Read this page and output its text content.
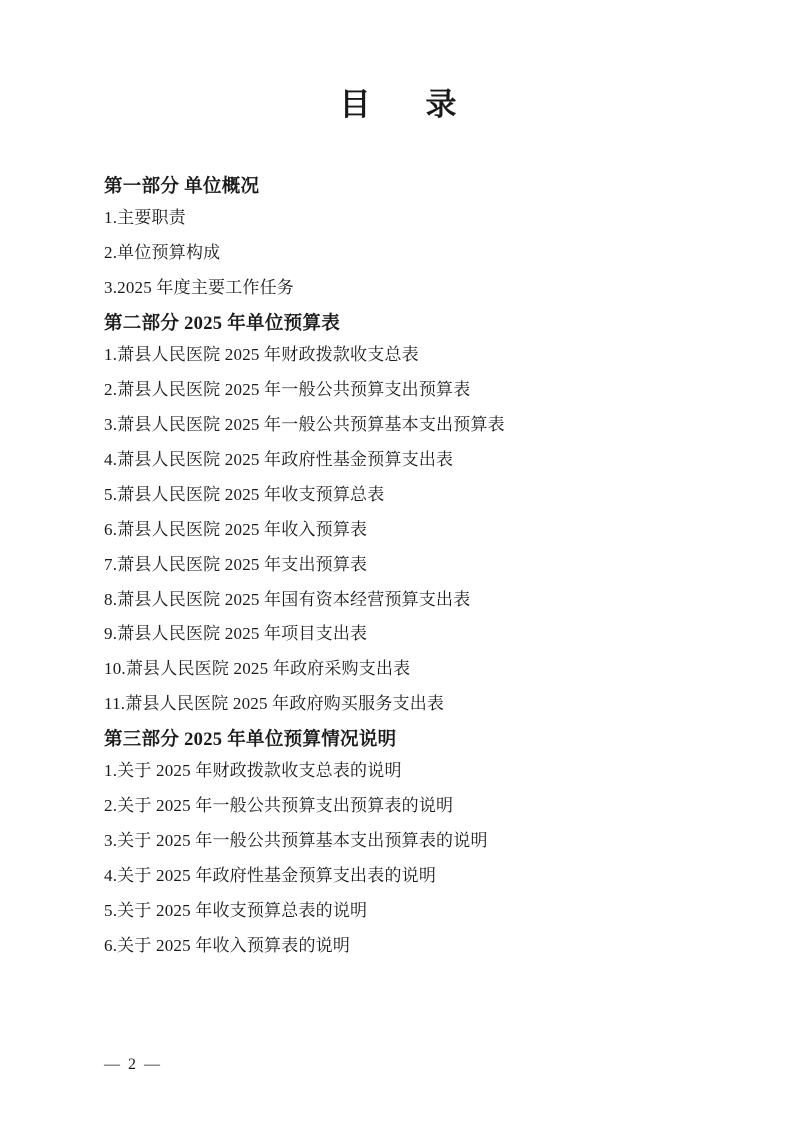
目　录
第一部分 单位概况
1.主要职责
2.单位预算构成
3.2025 年度主要工作任务
第二部分 2025 年单位预算表
1.萧县人民医院 2025 年财政拨款收支总表
2.萧县人民医院 2025 年一般公共预算支出预算表
3.萧县人民医院 2025 年一般公共预算基本支出预算表
4.萧县人民医院 2025 年政府性基金预算支出表
5.萧县人民医院 2025 年收支预算总表
6.萧县人民医院 2025 年收入预算表
7.萧县人民医院 2025 年支出预算表
8.萧县人民医院 2025 年国有资本经营预算支出表
9.萧县人民医院 2025 年项目支出表
10.萧县人民医院 2025 年政府采购支出表
11.萧县人民医院 2025 年政府购买服务支出表
第三部分 2025 年单位预算情况说明
1.关于 2025 年财政拨款收支总表的说明
2.关于 2025 年一般公共预算支出预算表的说明
3.关于 2025 年一般公共预算基本支出预算表的说明
4.关于 2025 年政府性基金预算支出表的说明
5.关于 2025 年收支预算总表的说明
6.关于 2025 年收入预算表的说明
— 2 —
